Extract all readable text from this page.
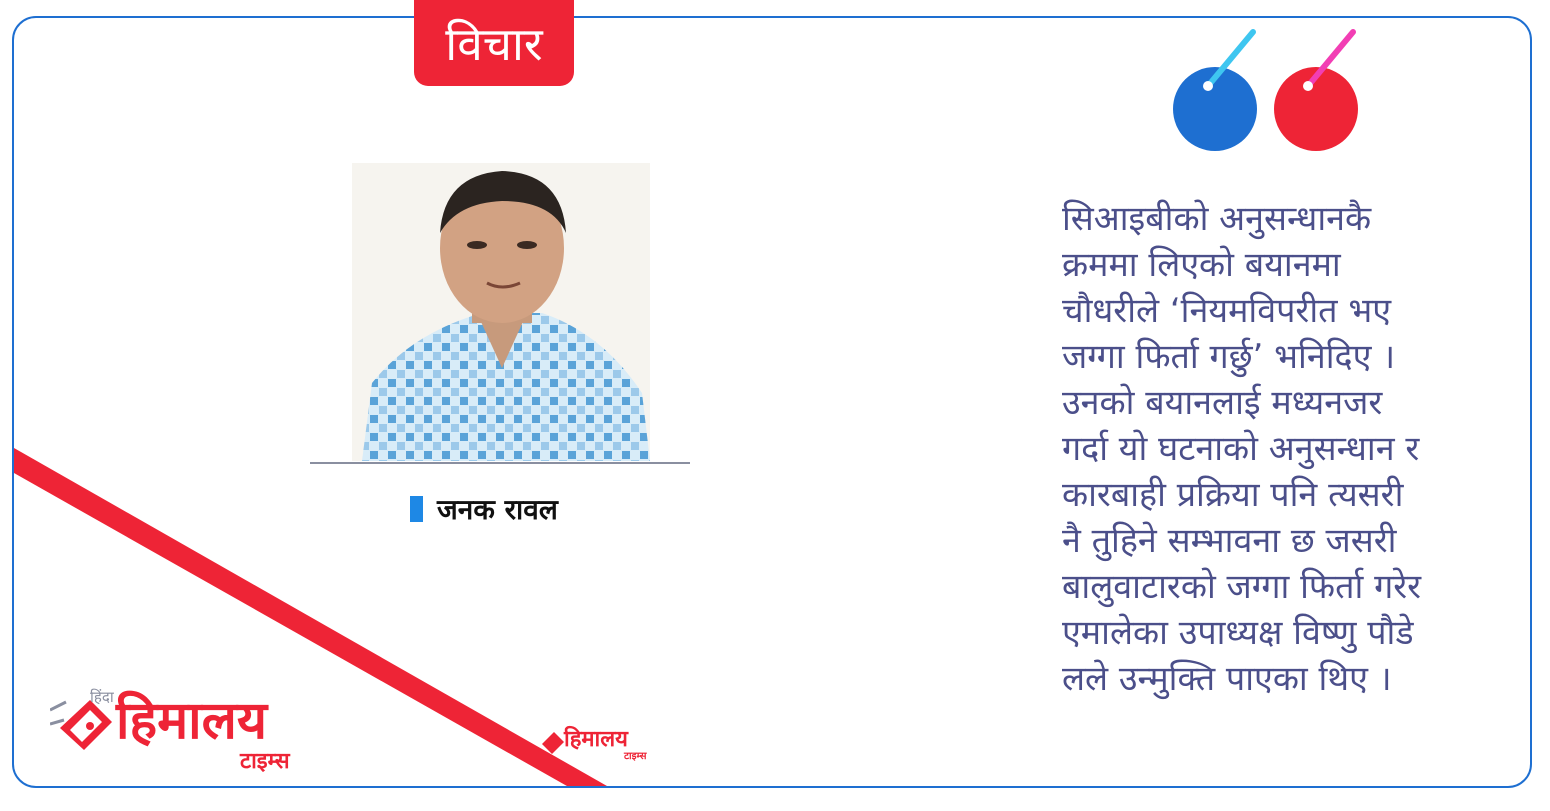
विचार
जनक रावल

सिआइबीको अनुसन्धानकै

क्रममा लिएको बयानमा

चौधरीले ‘नियमविपरीत भए

जग्गा फिर्ता गर्छु’ भनिदिए ।

उनको बयानलाई मध्यनजर

गर्दा यो घटनाको अनुसन्धान र

कारबाही प्रक्रिया पनि त्यसरी

नै तुहिने सम्भावना छ जसरी

बालुवाटारको जग्गा फिर्ता गरेर

एमालेका उपाध्यक्ष विष्णु पौडे

लले उन्मुक्ति पाएका थिए ।

हिंदा हिमालय
टाइम्स
हिमालय
टाइम्स
